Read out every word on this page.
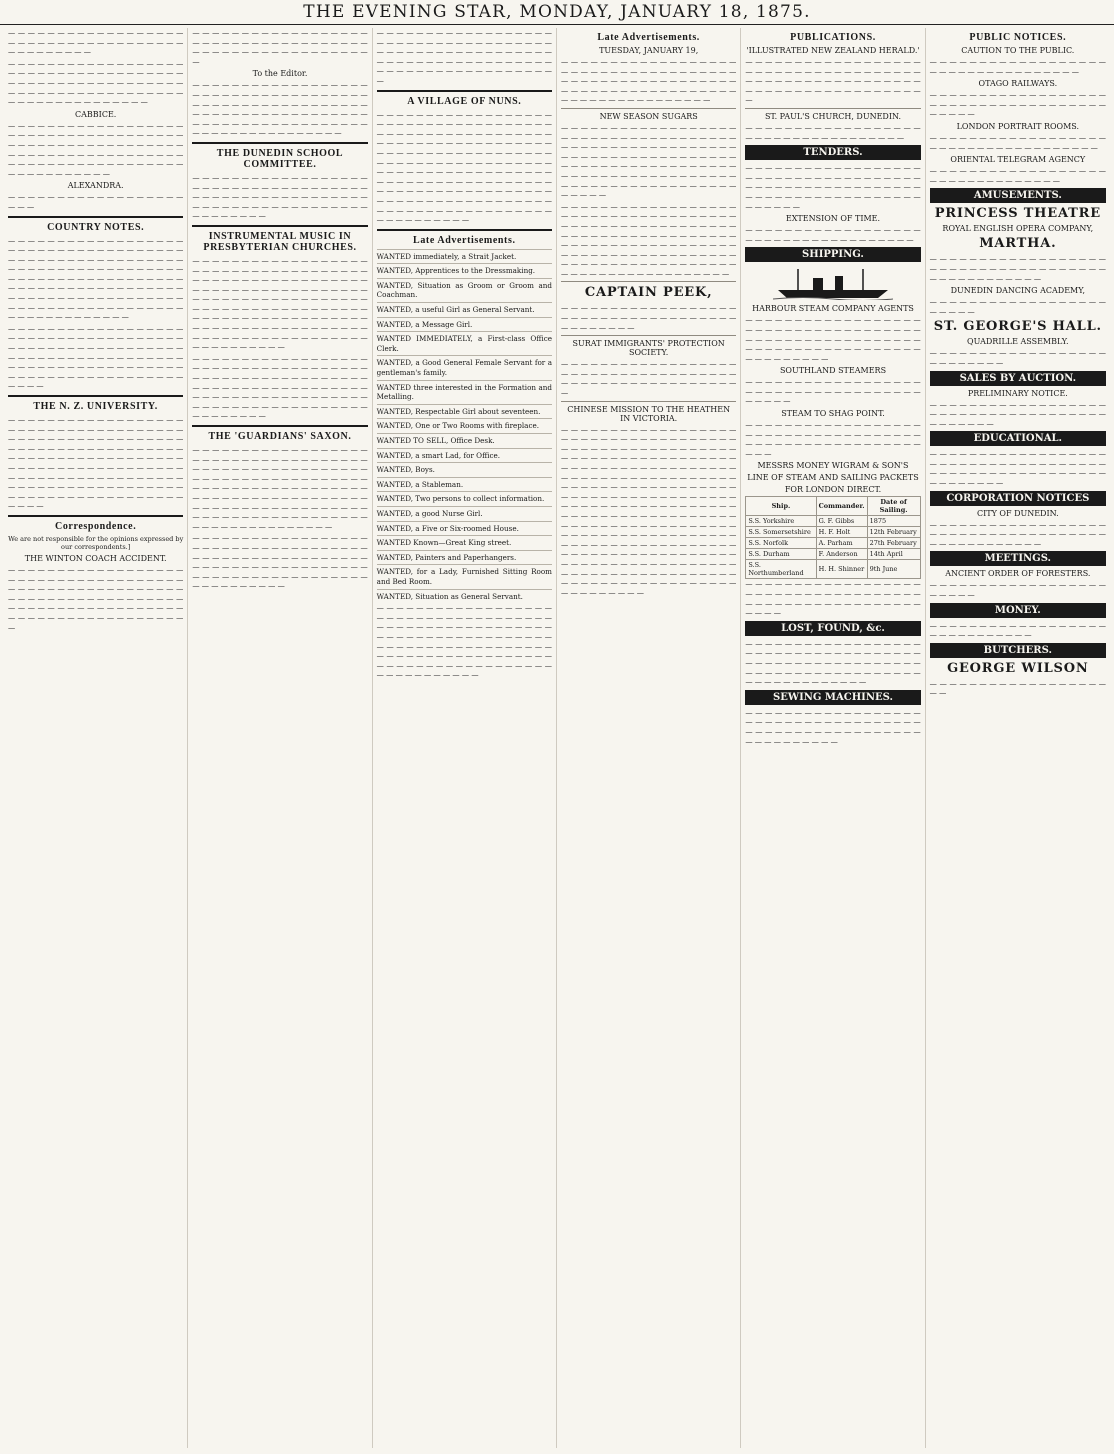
THE EVENING STAR, MONDAY, JANUARY 18, 1875.

— — — — — — — — — — — — — — — — — — — — — — — — — — — — — — — — — — — — — — — — — — — — —

— — — — — — — — — — — — — — — — — — — — — — — — — — — — — — — — — — — — — — — — — — — — — — — — — — — — — — — — — — — — — — — — — — — — — — — — — — — — — — — — — — — — — — —

CABBICE.

— — — — — — — — — — — — — — — — — — — — — — — — — — — — — — — — — — — — — — — — — — — — — — — — — — — — — — — — — — — — — — — — — — — — — — — — — — — — — — — — — — — — — — — — — — — — — — — — — — — — —

ALEXANDRA.

— — — — — — — — — — — — — — — — — — — — —

COUNTRY NOTES.

— — — — — — — — — — — — — — — — — — — — — — — — — — — — — — — — — — — — — — — — — — — — — — — — — — — — — — — — — — — — — — — — — — — — — — — — — — — — — — — — — — — — — — — — — — — — — — — — — — — — — — — — — — — — — — — — — — — — — — — — — — — — — — — — — — — — — — — — — — — — — — — — — — — — — — — — — — — — —

— — — — — — — — — — — — — — — — — — — — — — — — — — — — — — — — — — — — — — — — — — — — — — — — — — — — — — — — — — — — — — — — — — — — — — — — — — — — — — — — — — — — — — — — — — — — — — — — — — — — — — — — — — — — — — — —

THE N. Z. UNIVERSITY.

— — — — — — — — — — — — — — — — — — — — — — — — — — — — — — — — — — — — — — — — — — — — — — — — — — — — — — — — — — — — — — — — — — — — — — — — — — — — — — — — — — — — — — — — — — — — — — — — — — — — — — — — — — — — — — — — — — — — — — — — — — — — — — — — — — — — — — — — — — — — — — — — — — — — — — — — — — — — — — — — — — — — — —

Correspondence.

We are not responsible for the opinions expressed by our correspondents.]

THE WINTON COACH ACCIDENT.

— — — — — — — — — — — — — — — — — — — — — — — — — — — — — — — — — — — — — — — — — — — — — — — — — — — — — — — — — — — — — — — — — — — — — — — — — — — — — — — — — — — — — — — — — — — — — — — — — — — — — — — — — — — — —

— — — — — — — — — — — — — — — — — — — — — — — — — — — — — — — — — — — — — — — — — — — — — — — — — — — — — — —

To the Editor.

— — — — — — — — — — — — — — — — — — — — — — — — — — — — — — — — — — — — — — — — — — — — — — — — — — — — — — — — — — — — — — — — — — — — — — — — — — — — — — — — — — — — — — — — — — — — — — — — — — — — — — — — — —

THE DUNEDIN SCHOOL COMMITTEE.

— — — — — — — — — — — — — — — — — — — — — — — — — — — — — — — — — — — — — — — — — — — — — — — — — — — — — — — — — — — — — — — — — — — — — — — — — — — — — — — —

INSTRUMENTAL MUSIC IN PRESBYTERIAN CHURCHES.

— — — — — — — — — — — — — — — — — — — — — — — — — — — — — — — — — — — — — — — — — — — — — — — — — — — — — — — — — — — — — — — — — — — — — — — — — — — — — — — — — — — — — — — — — — — — — — — — — — — — — — — — — — — — — — — — — — — — — — — — — — — — — — — — — — — — — — — — — — — — — — — — — — — — — — — — — — — — — — — — — — — — — — — — — — — —

— — — — — — — — — — — — — — — — — — — — — — — — — — — — — — — — — — — — — — — — — — — — — — — — — — — — — — — — — — — — — — — — — — — — — — — — — — — — — — — — — — — — — — — — — — — — — — — — — — — — — — — — — — — — — — — — — — — —

THE 'GUARDIANS' SAXON.

— — — — — — — — — — — — — — — — — — — — — — — — — — — — — — — — — — — — — — — — — — — — — — — — — — — — — — — — — — — — — — — — — — — — — — — — — — — — — — — — — — — — — — — — — — — — — — — — — — — — — — — — — — — — — — — — — — — — — — — — — — — — — — — — — — — — — — — — — — — — — — — — — — — — — — — — — — — — — — —

— — — — — — — — — — — — — — — — — — — — — — — — — — — — — — — — — — — — — — — — — — — — — — — — — — — — — — — — — — — — — — — — — — — — — — — — — — — — — — — — — — — — — — — — — — — — — — — — — — — —

— — — — — — — — — — — — — — — — — — — — — — — — — — — — — — — — — — — — — — — — — — — — — — — — — — — — — — — — — — — — — — — — — — — — — — — — — — — — — — — — — — — — — — — — — — —

A VILLAGE OF NUNS.

— — — — — — — — — — — — — — — — — — — — — — — — — — — — — — — — — — — — — — — — — — — — — — — — — — — — — — — — — — — — — — — — — — — — — — — — — — — — — — — — — — — — — — — — — — — — — — — — — — — — — — — — — — — — — — — — — — — — — — — — — — — — — — — — — — — — — — — — — — — — — — — — — — — — — — — — — — — — — — — — — — — — — — — — — — — — — — — — — — — — — — — — — — — — — — — — — — — — — — — — — — — — — — — —

Late Advertisements.

WANTED immediately, a Strait Jacket.

WANTED, Apprentices to the Dressmaking.

WANTED, Situation as Groom or Groom and Coachman.

WANTED, a useful Girl as General Servant.

WANTED, a Message Girl.

WANTED IMMEDIATELY, a First-class Office Clerk.

WANTED, a Good General Female Servant for a gentleman's family.

WANTED three interested in the Formation and Metalling.

WANTED, Respectable Girl about seventeen.

WANTED, One or Two Rooms with fireplace.

WANTED TO SELL, Office Desk.

WANTED, a smart Lad, for Office.

WANTED, Boys.

WANTED, a Stableman.

WANTED, Two persons to collect information.

WANTED, a good Nurse Girl.

WANTED, a Five or Six-roomed House.

WANTED Known—Great King street.

WANTED, Painters and Paperhangers.

WANTED, for a Lady, Furnished Sitting Room and Bed Room.

WANTED, Situation as General Servant.

— — — — — — — — — — — — — — — — — — — — — — — — — — — — — — — — — — — — — — — — — — — — — — — — — — — — — — — — — — — — — — — — — — — — — — — — — — — — — — — — — — — — — — — — — — — — — — — — — — — — — — — — — — — — — — — — — — — — — — — — — — — — — — — — — — — — — — — — —

Late Advertisements.
TUESDAY, JANUARY 19,

— — — — — — — — — — — — — — — — — — — — — — — — — — — — — — — — — — — — — — — — — — — — — — — — — — — — — — — — — — — — — — — — — — — — — — — — — — — — — — — — — — — — — — — —

NEW SEASON SUGARS

— — — — — — — — — — — — — — — — — — — — — — — — — — — — — — — — — — — — — — — — — — — — — — — — — — — — — — — — — — — — — — — — — — — — — — — — — — — — — — — — — — — — — — — — — — — — — — — — — — — — — — — — — — — — — — — — — — — — — — — — — — — — — — — — — — —

— — — — — — — — — — — — — — — — — — — — — — — — — — — — — — — — — — — — — — — — — — — — — — — — — — — — — — — — — — — — — — — — — — — — — — — — — — — — — — — — — — — — — — — — — — — — — — — — — — — — — — — — — — — — — — — — — — — — — — — — — — — — — — — — — — — — — — — — — — — — — — — —

CAPTAIN PEEK,

— — — — — — — — — — — — — — — — — — — — — — — — — — — — — — — — — — — — — — — — — — — —

SURAT IMMIGRANTS' PROTECTION SOCIETY.

— — — — — — — — — — — — — — — — — — — — — — — — — — — — — — — — — — — — — — — — — — — — — — — — — — — — — — —

CHINESE MISSION TO THE HEATHEN IN VICTORIA.

— — — — — — — — — — — — — — — — — — — — — — — — — — — — — — — — — — — — — — — — — — — — — — — — — — — — — — — — — — — — — — — — — — — — — — — — — — — — — — — — — — — — — — — — — — — — — — — — — — — — — — — — — — — — — — — — — — — — — — — — — — — — — — — — — — — — — — — — — — — — — — — — — — — — — — — — — — — — — — — — — — — — — — — — — — — — — — — — — — — — — — — — — — — — — — — — — — — — — — — — — — — — — — — — — — — — — — — — — — — — — — — — — — — — — — — — — — — — — — — — — — — — — — — — — — — — — — — — — — — — — — — — — — — — — — — — — — — — — — — — — — — — — — — — — — — — — — — — — — — — — — — — — — — — — — — — — — —

PUBLICATIONS.
'ILLUSTRATED NEW ZEALAND HERALD.'

— — — — — — — — — — — — — — — — — — — — — — — — — — — — — — — — — — — — — — — — — — — — — — — — — — — — — — — — — — — — — — — — — — — — — — — — —

ST. PAUL'S CHURCH, DUNEDIN.

— — — — — — — — — — — — — — — — — — — — — — — — — — — — — — — — — — —

TENDERS.

— — — — — — — — — — — — — — — — — — — — — — — — — — — — — — — — — — — — — — — — — — — — — — — — — — — — — — — — — — — — — — — — — — — — — — — — — — — — — —

EXTENSION OF TIME.

— — — — — — — — — — — — — — — — — — — — — — — — — — — — — — — — — — — —

SHIPPING.
HARBOUR STEAM COMPANY AGENTS

— — — — — — — — — — — — — — — — — — — — — — — — — — — — — — — — — — — — — — — — — — — — — — — — — — — — — — — — — — — — — — — — — — — — — — — — — — — — — — — — —

SOUTHLAND STEAMERS

— — — — — — — — — — — — — — — — — — — — — — — — — — — — — — — — — — — — — — — — —

STEAM TO SHAG POINT.

— — — — — — — — — — — — — — — — — — — — — — — — — — — — — — — — — — — — — — — — — — — — — — — — — — — — — — — — —

MESSRS MONEY WIGRAM & SON'S
LINE OF STEAM AND SAILING PACKETS
FOR LONDON DIRECT.
Ship.	Commander.	Date of Sailing.
S.S. Yorkshire	G. F. Gibbs	1875
S.S. Somersetshire	H. F. Holt	12th February
S.S. Norfolk	A. Parham	27th February
S.S. Durham	F. Anderson	14th April
S.S. Northumberland	H. H. Shinner	9th June

— — — — — — — — — — — — — — — — — — — — — — — — — — — — — — — — — — — — — — — — — — — — — — — — — — — — — — — — — —

LOST, FOUND, &c.

— — — — — — — — — — — — — — — — — — — — — — — — — — — — — — — — — — — — — — — — — — — — — — — — — — — — — — — — — — — — — — — — — — — — — — — — — — — — — — — — — — — — —

SEWING MACHINES.

— — — — — — — — — — — — — — — — — — — — — — — — — — — — — — — — — — — — — — — — — — — — — — — — — — — — — — — — — — — — — — — —

PUBLIC NOTICES.
CAUTION TO THE PUBLIC.

— — — — — — — — — — — — — — — — — — — — — — — — — — — — — — — — — —

OTAGO RAILWAYS.

— — — — — — — — — — — — — — — — — — — — — — — — — — — — — — — — — — — — — — — — —

LONDON PORTRAIT ROOMS.

— — — — — — — — — — — — — — — — — — — — — — — — — — — — — — — — — — — —

ORIENTAL TELEGRAM AGENCY

— — — — — — — — — — — — — — — — — — — — — — — — — — — — — — — —

AMUSEMENTS.
PRINCESS THEATRE
ROYAL ENGLISH OPERA COMPANY,
MARTHA.

— — — — — — — — — — — — — — — — — — — — — — — — — — — — — — — — — — — — — — — — — — — — — — — —

DUNEDIN DANCING ACADEMY,

— — — — — — — — — — — — — — — — — — — — — — —

ST. GEORGE'S HALL.
QUADRILLE ASSEMBLY.

— — — — — — — — — — — — — — — — — — — — — — — — — —

SALES BY AUCTION.
PRELIMINARY NOTICE.

— — — — — — — — — — — — — — — — — — — — — — — — — — — — — — — — — — — — — — — — — — —

EDUCATIONAL.

— — — — — — — — — — — — — — — — — — — — — — — — — — — — — — — — — — — — — — — — — — — — — — — — — — — — — — — — — — — — — —

CORPORATION NOTICES
CITY OF DUNEDIN.

— — — — — — — — — — — — — — — — — — — — — — — — — — — — — — — — — — — — — — — — — — — — — — — —

MEETINGS.
ANCIENT ORDER OF FORESTERS.

— — — — — — — — — — — — — — — — — — — — — — —

MONEY.

— — — — — — — — — — — — — — — — — — — — — — — — — — — — —

BUTCHERS.
GEORGE WILSON

— — — — — — — — — — — — — — — — — — — —
